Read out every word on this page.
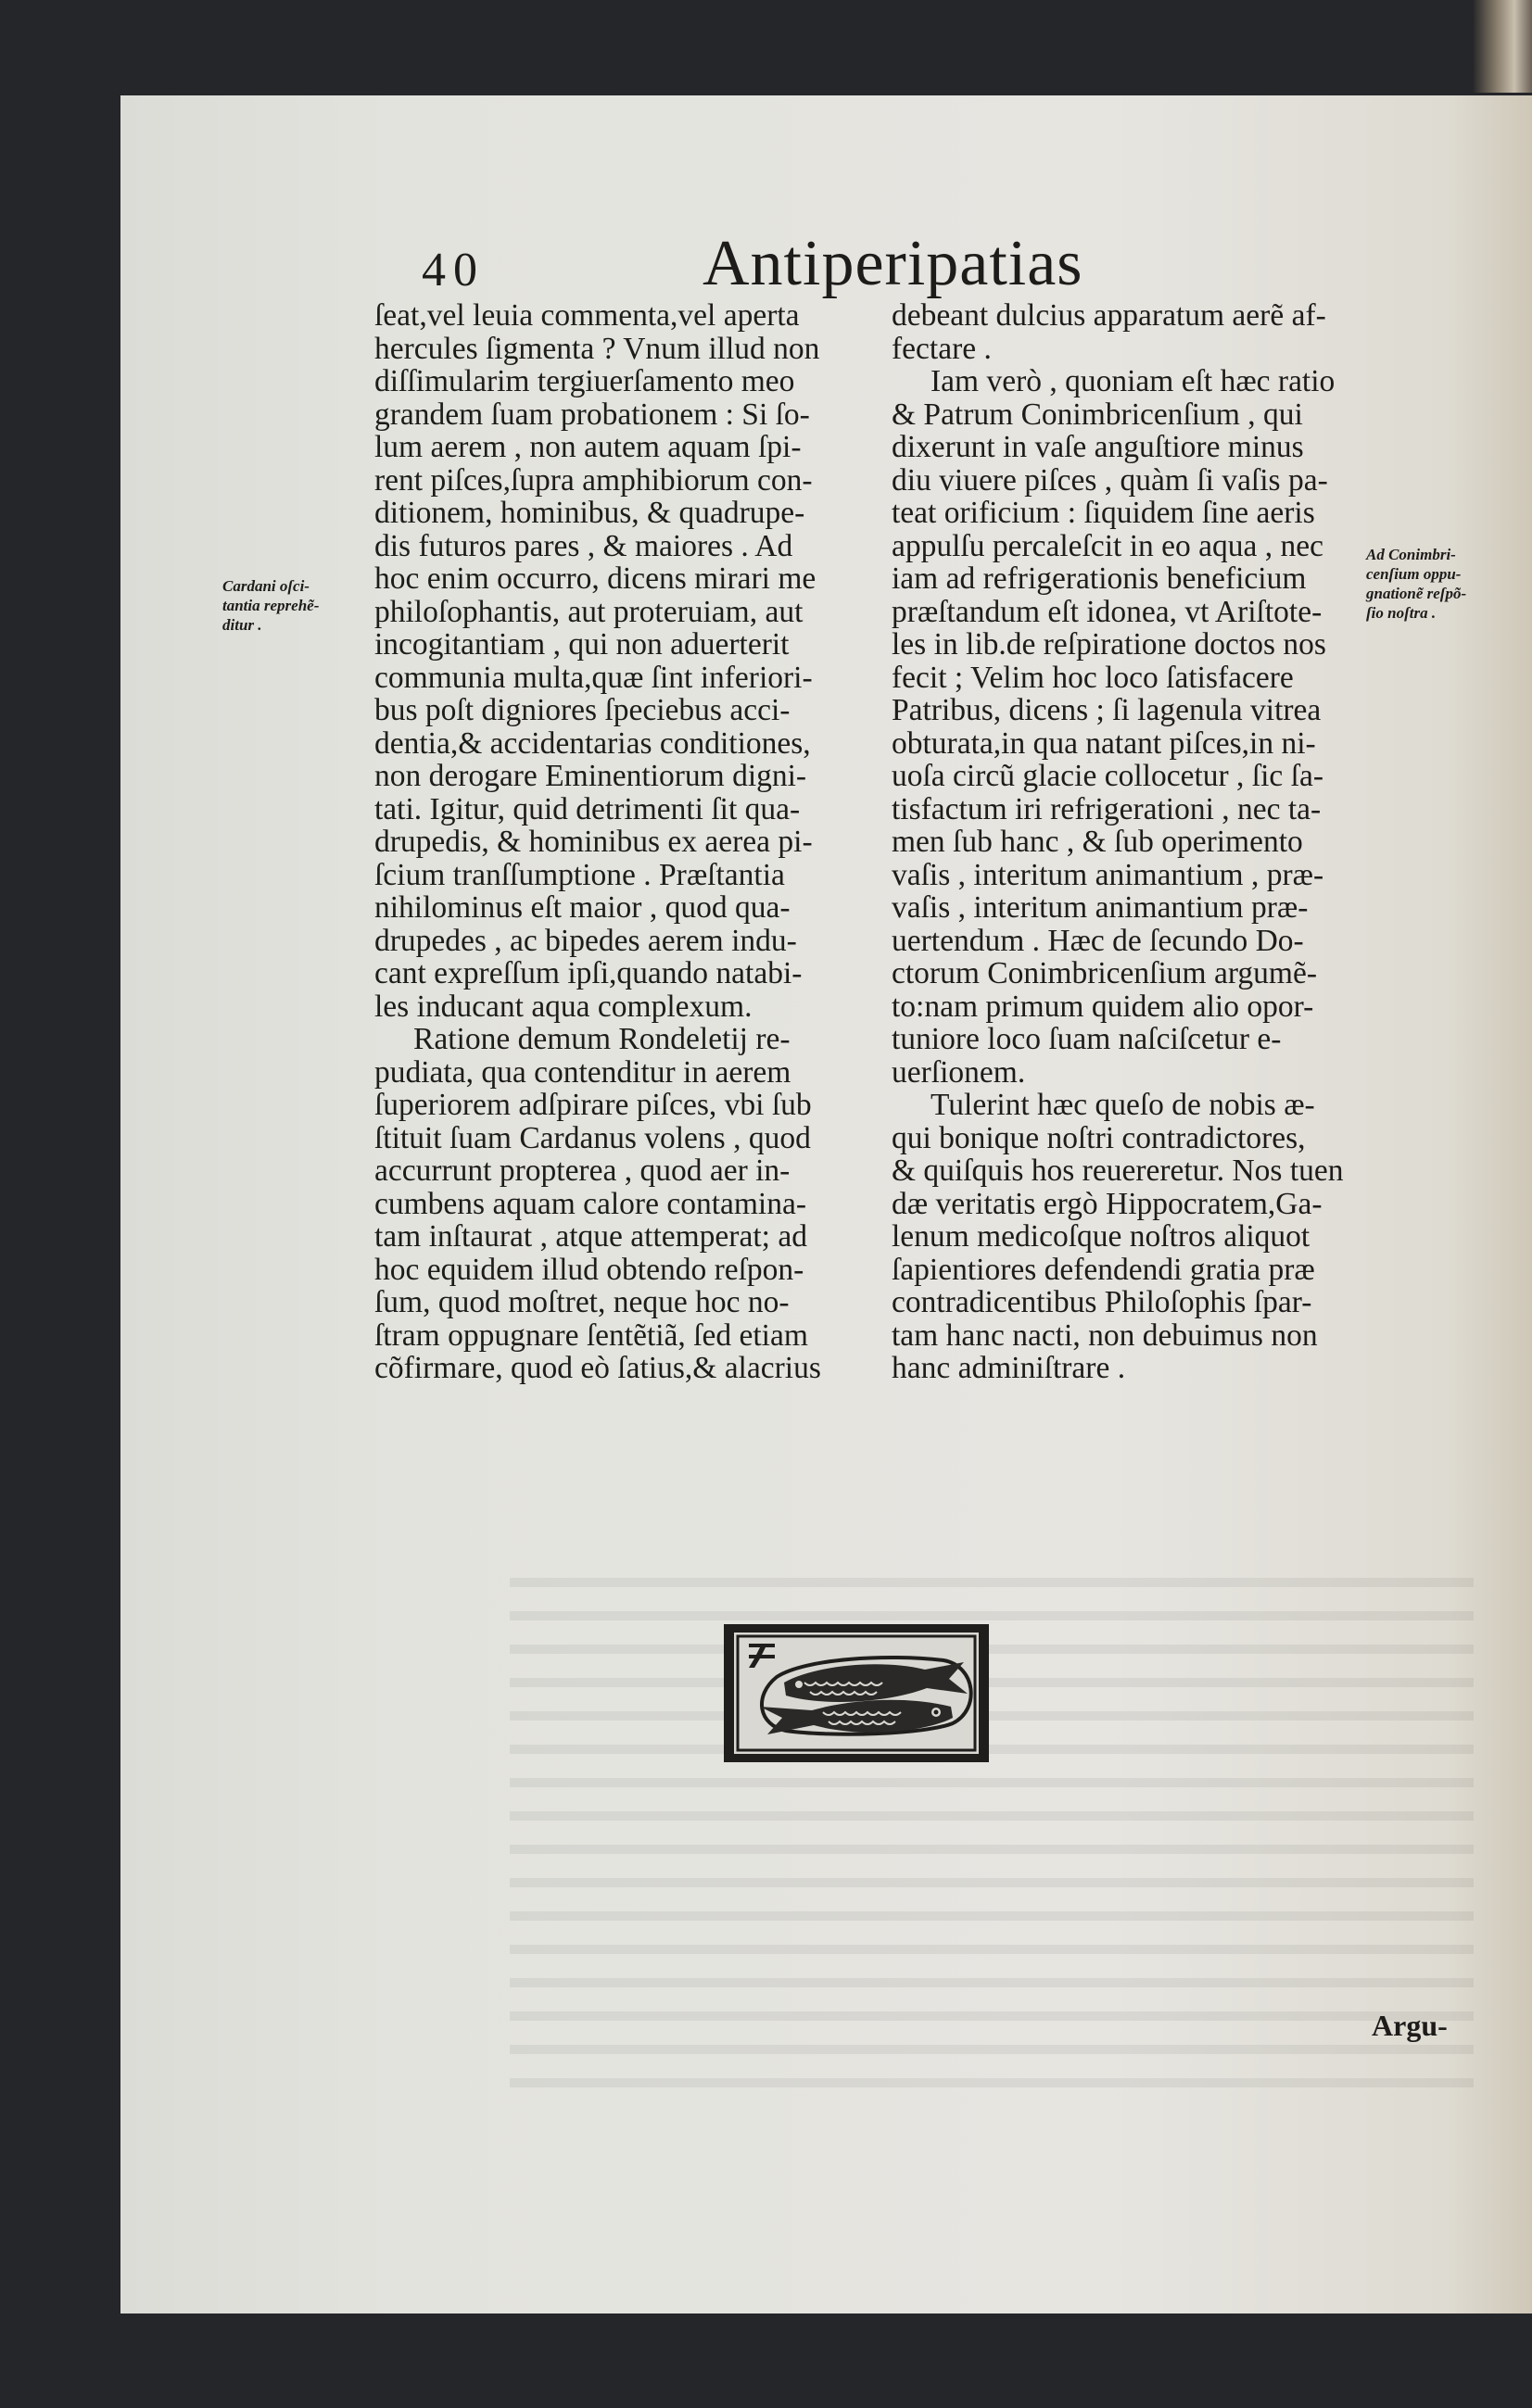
40	Antiperipatias
Cardani oſci-
tantia reprehẽ-
ditur .
Ad Conimbri-
cenſium oppu-
gnationẽ reſpõ-
ſio noſtra .
ſeat,vel leuia commenta,vel aperta
hercules ſigmenta ? Vnum illud non
diſſimularim tergiuerſamento meo
grandem ſuam probationem : Si ſo-
lum aerem , non autem aquam ſpi-
rent piſces,ſupra amphibiorum con-
ditionem, hominibus, & quadrupe-
dis futuros pares , & maiores . Ad
hoc enim occurro, dicens mirari me
philoſophantis, aut proteruiam, aut
incogitantiam , qui non aduerterit
communia multa,quæ ſint inferiori-
bus poſt digniores ſpeciebus acci-
dentia,& accidentarias conditiones,
non derogare Eminentiorum digni-
tati. Igitur, quid detrimenti ſit qua-
drupedis, & hominibus ex aerea pi-
ſcium tranſſumptione . Præſtantia
nihilominus eſt maior , quod qua-
drupedes , ac bipedes aerem indu-
cant expreſſum ipſi,quando natabi-
les inducant aqua complexum.
Ratione demum Rondeletij re-
pudiata, qua contenditur in aerem
ſuperiorem adſpirare piſces, vbi ſub
ſtituit ſuam Cardanus volens , quod
accurrunt propterea , quod aer in-
cumbens aquam calore contamina-
tam inſtaurat , atque attemperat; ad
hoc equidem illud obtendo reſpon-
ſum, quod moſtret, neque hoc no-
ſtram oppugnare ſentẽtiã, ſed etiam
cõfirmare, quod eò ſatius,& alacrius
debeant dulcius apparatum aerẽ af-
fectare .
Iam verò , quoniam eſt hæc ratio
& Patrum Conimbricenſium , qui
dixerunt in vaſe anguſtiore minus
diu viuere piſces , quàm ſi vaſis pa-
teat orificium : ſiquidem ſine aeris
appulſu percaleſcit in eo aqua , nec
iam ad refrigerationis beneficium
præſtandum eſt idonea, vt Ariſtote-
les in lib.de reſpiratione doctos nos
fecit ; Velim hoc loco ſatisfacere
Patribus, dicens ; ſi lagenula vitrea
obturata,in qua natant piſces,in ni-
uoſa circũ glacie collocetur , ſic ſa-
tisfactum iri refrigerationi , nec ta-
men ſub hanc , & ſub operimento
vaſis , interitum animantium , præ-
vaſis , interitum animantium præ-
uertendum . Hæc de ſecundo Do-
ctorum Conimbricenſium argumẽ-
to:nam primum quidem alio opor-
tuniore loco ſuam naſciſcetur e-
uerſionem.
Tulerint hæc queſo de nobis æ-
qui bonique noſtri contradictores,
& quiſquis hos reuereretur. Nos tuen
dæ veritatis ergò Hippocratem,Ga-
lenum medicoſque noſtros aliquot
ſapientiores defendendi gratia præ
contradicentibus Philoſophis ſpar-
tam hanc nacti, non debuimus non
hanc adminiſtrare .
Argu-
